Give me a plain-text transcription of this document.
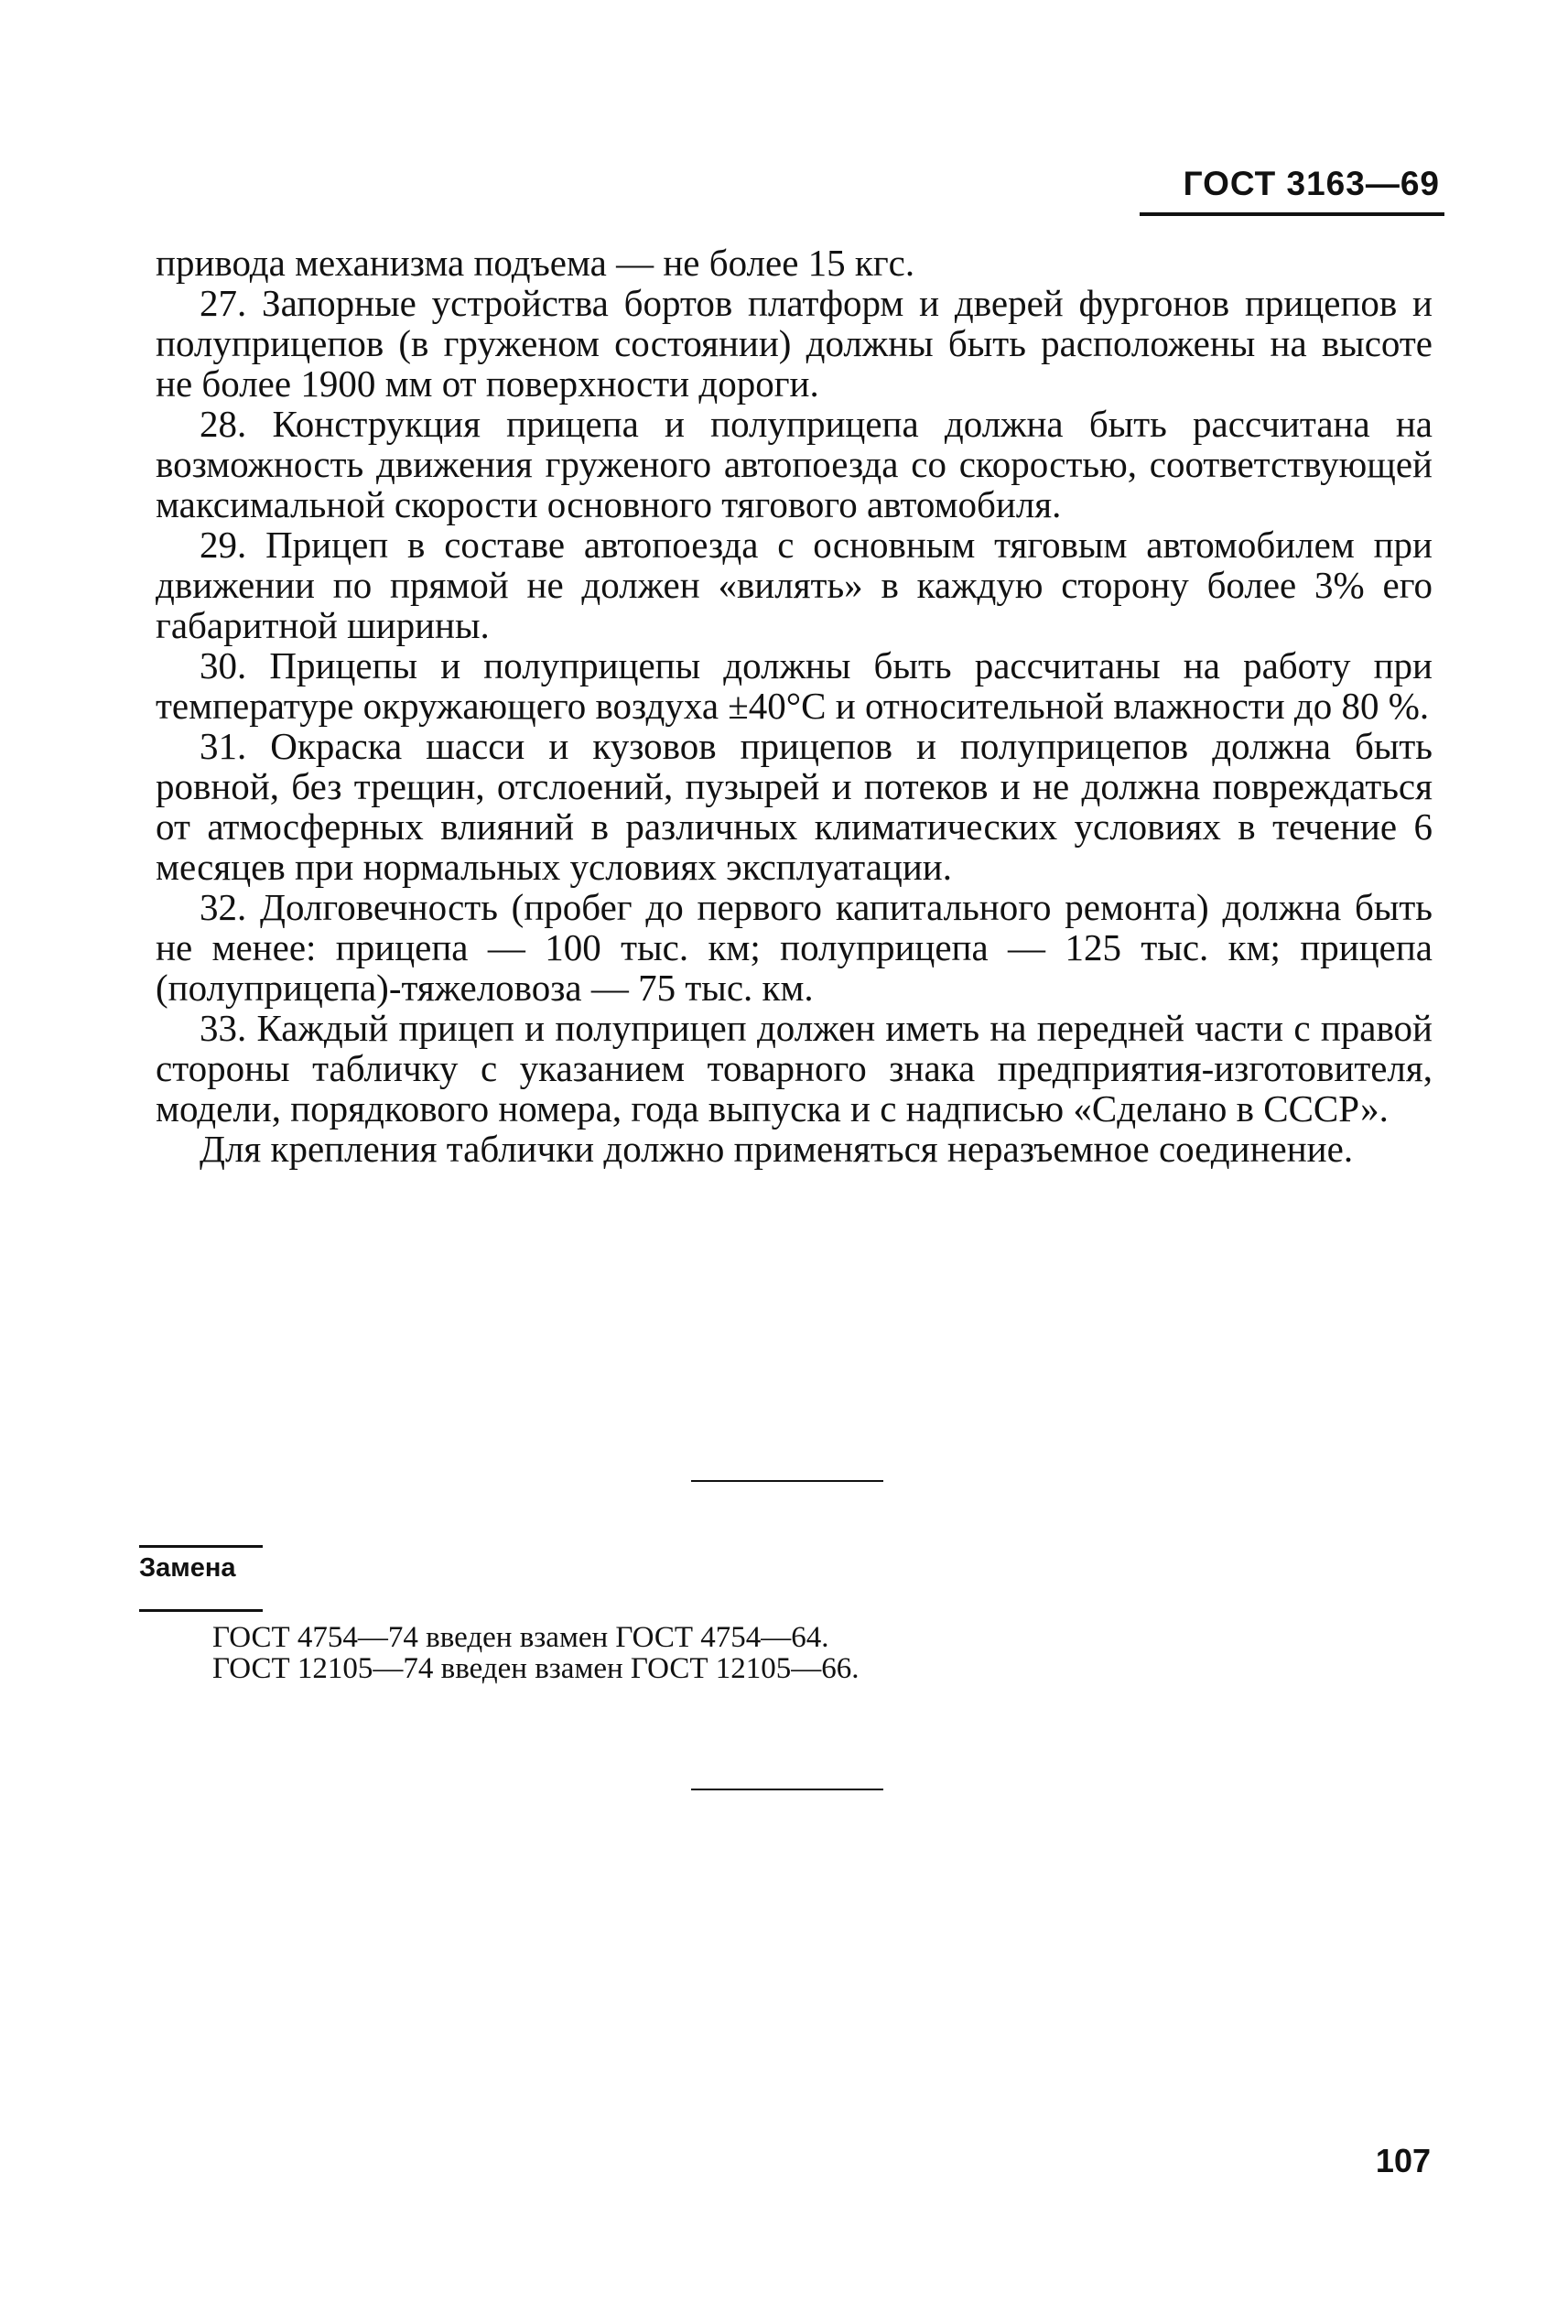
ГОСТ 3163—69

привода механизма подъема — не более 15 кгс.

27. Запорные устройства бортов платформ и дверей фургонов прицепов и полуприцепов (в груженом состоянии) должны быть расположены на высоте не более 1900 мм от поверхности дороги.

28. Конструкция прицепа и полуприцепа должна быть рассчитана на возможность движения груженого автопоезда со скоростью, соответствующей максимальной скорости основного тягового автомобиля.

29. Прицеп в составе автопоезда с основным тяговым автомобилем при движении по прямой не должен «вилять» в каждую сторону более 3% его габаритной ширины.

30. Прицепы и полуприцепы должны быть рассчитаны на работу при температуре окружающего воздуха ±40°С и относительной влажности до 80 %.

31. Окраска шасси и кузовов прицепов и полуприцепов должна быть ровной, без трещин, отслоений, пузырей и потеков и не должна повреждаться от атмосферных влияний в различных климатических условиях в течение 6 месяцев при нормальных условиях эксплуатации.

32. Долговечность (пробег до первого капитального ремонта) должна быть не менее: прицепа — 100 тыс. км; полуприцепа — 125 тыс. км; прицепа (полуприцепа)-тяжеловоза — 75 тыс. км.

33. Каждый прицеп и полуприцеп должен иметь на передней части с правой стороны табличку с указанием товарного знака предприятия-изготовителя, модели, порядкового номера, года выпуска и с надписью «Сделано в СССР».

Для крепления таблички должно применяться неразъемное соединение.

Замена
ГОСТ 4754—74 введен взамен ГОСТ 4754—64.
ГОСТ 12105—74 введен взамен ГОСТ 12105—66.
107
